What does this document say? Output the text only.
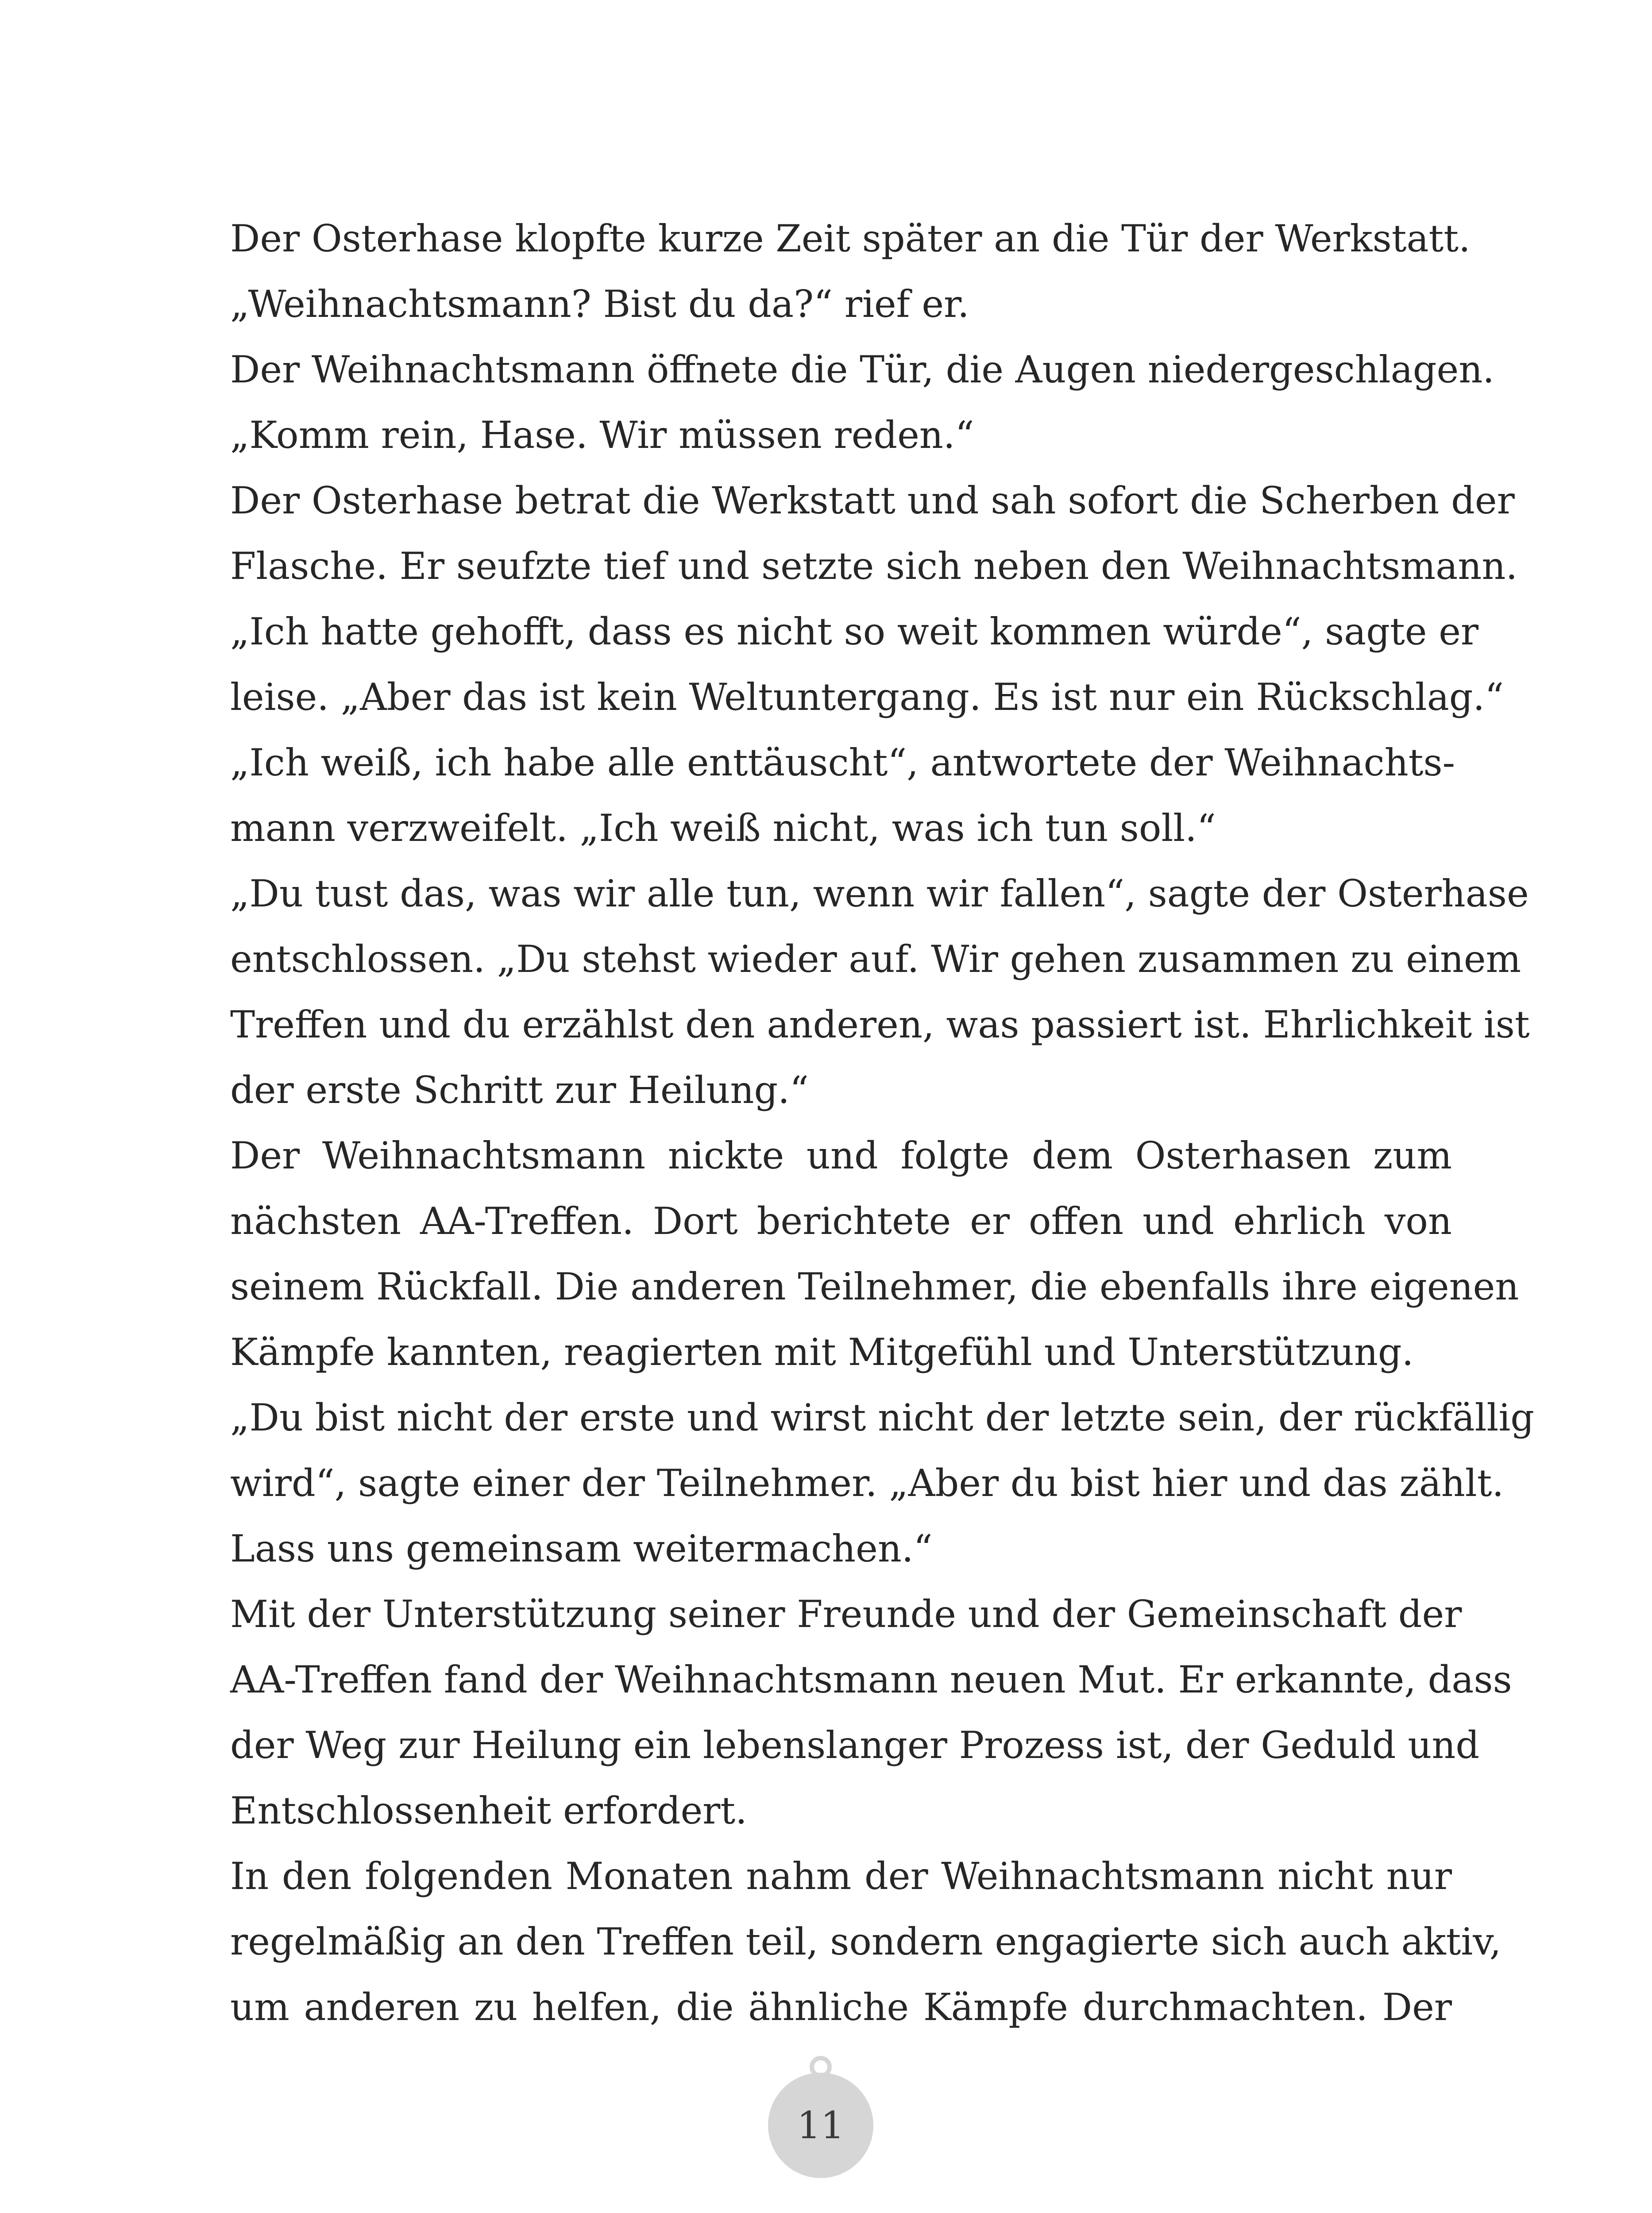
Der Osterhase klopfte kurze Zeit später an die Tür der Werkstatt.
„Weihnachtsmann? Bist du da?“ rief er.
Der Weihnachtsmann öffnete die Tür, die Augen niedergeschlagen.
„Komm rein, Hase. Wir müssen reden.“
Der Osterhase betrat die Werkstatt und sah sofort die Scherben der
Flasche. Er seufzte tief und setzte sich neben den Weihnachtsmann.
„Ich hatte gehofft, dass es nicht so weit kommen würde“, sagte er
leise. „Aber das ist kein Weltuntergang. Es ist nur ein Rückschlag.“
„Ich weiß, ich habe alle enttäuscht“, antwortete der Weihnachts-
mann verzweifelt. „Ich weiß nicht, was ich tun soll.“
„Du tust das, was wir alle tun, wenn wir fallen“, sagte der Osterhase
entschlossen. „Du stehst wieder auf. Wir gehen zusammen zu einem
Treffen und du erzählst den anderen, was passiert ist. Ehrlichkeit ist
der erste Schritt zur Heilung.“
Der Weihnachtsmann nickte und folgte dem Osterhasen zum
nächsten AA-Treffen. Dort berichtete er offen und ehrlich von
seinem Rückfall. Die anderen Teilnehmer, die ebenfalls ihre eigenen
Kämpfe kannten, reagierten mit Mitgefühl und Unterstützung.
„Du bist nicht der erste und wirst nicht der letzte sein, der rückfällig
wird“, sagte einer der Teilnehmer. „Aber du bist hier und das zählt.
Lass uns gemeinsam weitermachen.“
Mit der Unterstützung seiner Freunde und der Gemeinschaft der
AA-Treffen fand der Weihnachtsmann neuen Mut. Er erkannte, dass
der Weg zur Heilung ein lebenslanger Prozess ist, der Geduld und
Entschlossenheit erfordert.
In den folgenden Monaten nahm der Weihnachtsmann nicht nur
regelmäßig an den Treffen teil, sondern engagierte sich auch aktiv,
um anderen zu helfen, die ähnliche Kämpfe durchmachten. Der
11
